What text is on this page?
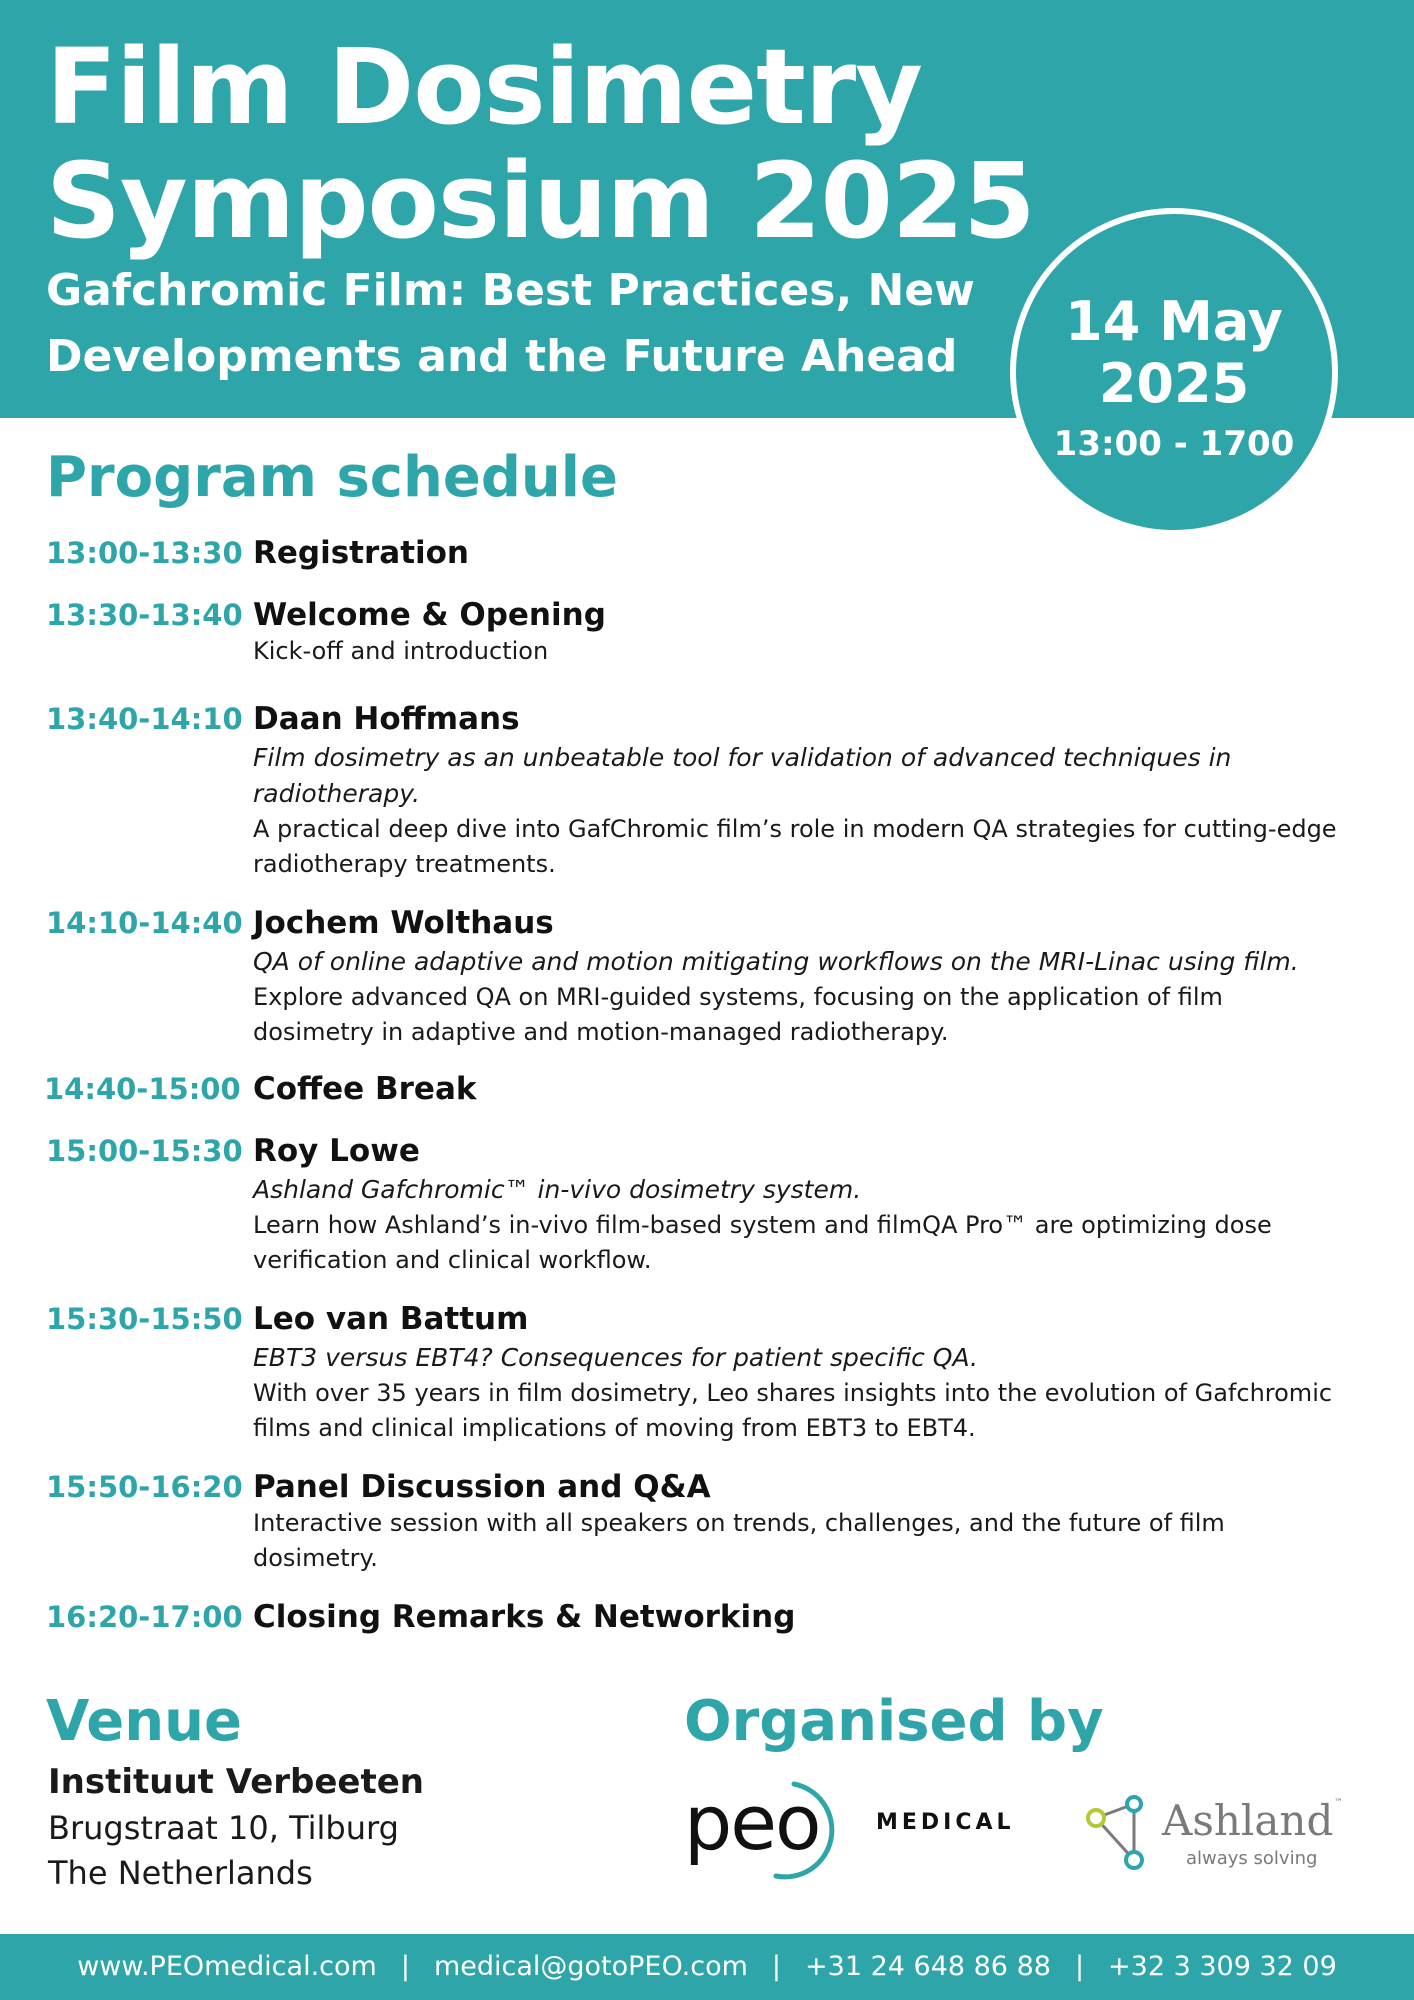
Film Dosimetry
Symposium 2025
Gafchromic Film: Best Practices, New
Developments and the Future Ahead
14 May
2025
13:00 - 1700
Program schedule
13:00-13:30 Registration
13:30-13:40 Welcome & Opening
Kick-off and introduction
13:40-14:10 Daan Hoffmans
Film dosimetry as an unbeatable tool for validation of advanced techniques in radiotherapy.
A practical deep dive into GafChromic film’s role in modern QA strategies for cutting-edge radiotherapy treatments.
14:10-14:40 Jochem Wolthaus
QA of online adaptive and motion mitigating workflows on the MRI-Linac using film.
Explore advanced QA on MRI-guided systems, focusing on the application of film dosimetry in adaptive and motion-managed radiotherapy.
14:40-15:00 Coffee Break
15:00-15:30 Roy Lowe
Ashland Gafchromic™ in-vivo dosimetry system.
Learn how Ashland’s in-vivo film-based system and filmQA Pro™ are optimizing dose verification and clinical workflow.
15:30-15:50 Leo van Battum
EBT3 versus EBT4? Consequences for patient specific QA.
With over 35 years in film dosimetry, Leo shares insights into the evolution of Gafchromic films and clinical implications of moving from EBT3 to EBT4.
15:50-16:20 Panel Discussion and Q&A
Interactive session with all speakers on trends, challenges, and the future of film dosimetry.
16:20-17:00 Closing Remarks & Networking
Venue
Instituut Verbeeten
Brugstraat 10, Tilburg
The Netherlands
Organised by
peo	MEDICAL	Ashland ™
always solving
www.PEOmedical.com | medical@gotoPEO.com | +31 24 648 86 88 | +32 3 309 32 09
